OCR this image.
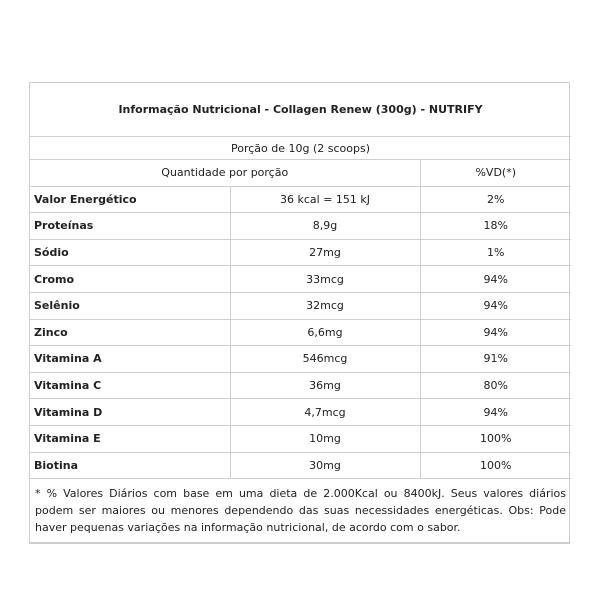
Informação Nutricional - Collagen Renew (300g) - NUTRIFY		
Porção de 10g (2 scoops)		
Quantidade por porção		%VD(*)
Valor Energético	36 kcal = 151 kJ	2%
Proteínas	8,9g	18%
Sódio	27mg	1%
Cromo	33mcg	94%
Selênio	32mcg	94%
Zinco	6,6mg	94%
Vitamina A	546mcg	91%
Vitamina C	36mg	80%
Vitamina D	4,7mcg	94%
Vitamina E	10mg	100%
Biotina	30mg	100%
* % Valores Diários com base em uma dieta de 2.000Kcal ou 8400kJ. Seus valores diários podem ser maiores ou menores dependendo das suas necessidades energéticas. Obs: Pode haver pequenas variações na informação nutricional, de acordo com o sabor.		
